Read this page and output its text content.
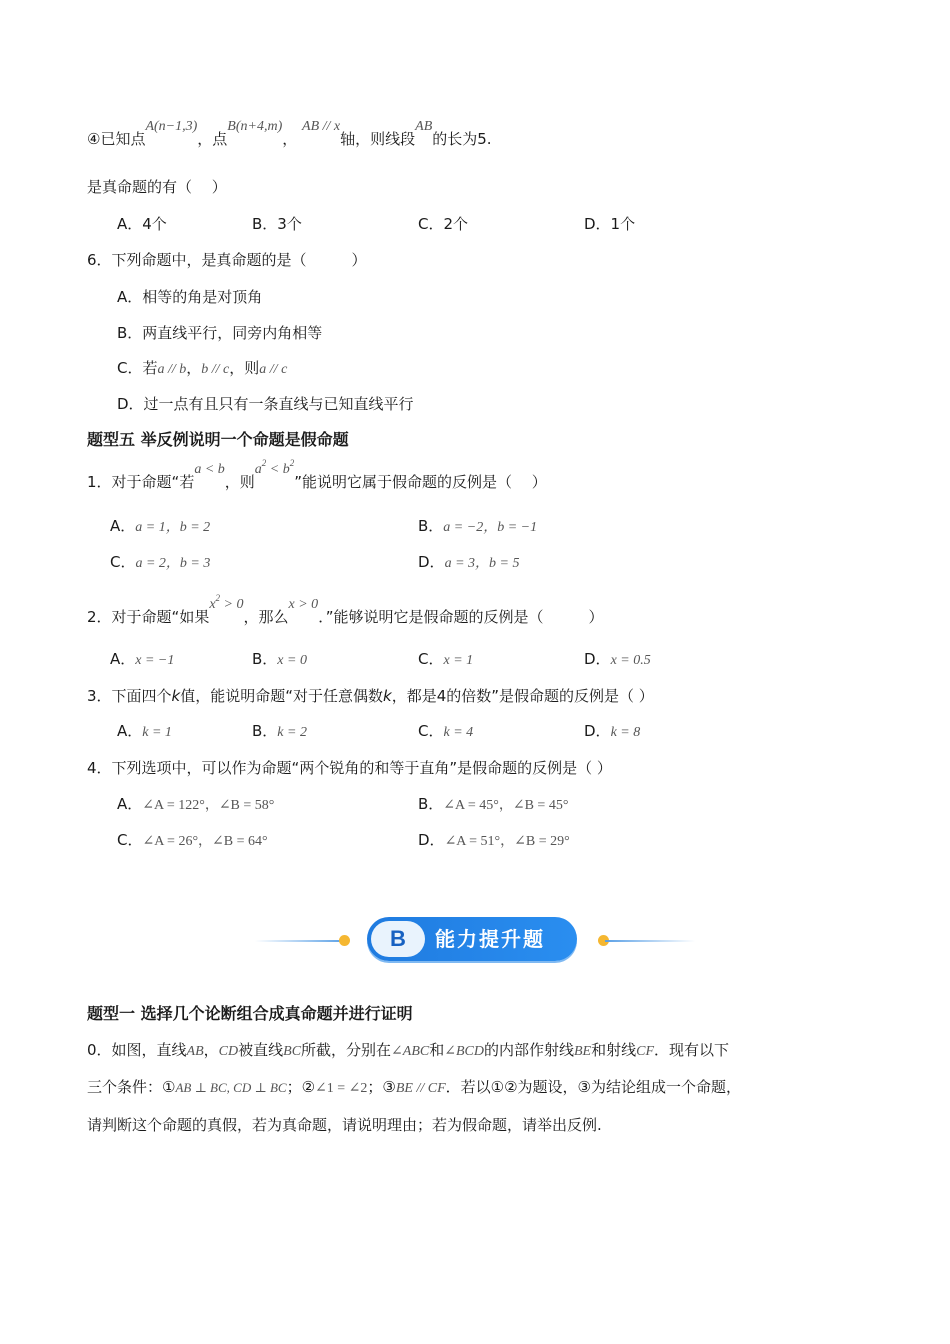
④已知点A(n−1,3)，点B(n+4,m)， AB // x轴，则线段AB的长为5.
是真命题的有（　 ）
A．4个	B．3个	C．2个	D．1个
6．下列命题中，是真命题的是（　　　）
A．相等的角是对顶角
B．两直线平行，同旁内角相等
C．若a // b，b // c，则a // c
D．过一点有且只有一条直线与已知直线平行
题型五 举反例说明一个命题是假命题
1．对于命题“若a < b，则$a^2 < b^2$”能说明它属于假命题的反例是（　 ）
A．a = 1，b = 2	B．a = −2，b = −1
C．a = 2，b = 3	D．a = 3，b = 5
2．对于命题“如果$x^2 > 0$，那么x > 0．”能够说明它是假命题的反例是（　　　）
A．x = −1	B．x = 0	C．x = 1	D．x = 0.5
3．下面四个k值，能说明命题“对于任意偶数k，都是4的倍数”是假命题的反例是（ ）
A．k = 1	B．k = 2	C．k = 4	D．k = 8
4．下列选项中，可以作为命题“两个锐角的和等于直角”是假命题的反例是（ ）
A．∠A = 122°，∠B = 58°	B．∠A = 45°，∠B = 45°
C．∠A = 26°，∠B = 64°	D．∠A = 51°，∠B = 29°
B	能力提升题
题型一 选择几个论断组合成真命题并进行证明
0．如图，直线AB，CD被直线BC所截，分别在∠ABC和∠BCD的内部作射线BE和射线CF．现有以下
三个条件：①AB ⊥ BC, CD ⊥ BC；②∠1 = ∠2；③BE // CF．若以①②为题设，③为结论组成一个命题，
请判断这个命题的真假，若为真命题，请说明理由；若为假命题，请举出反例.
